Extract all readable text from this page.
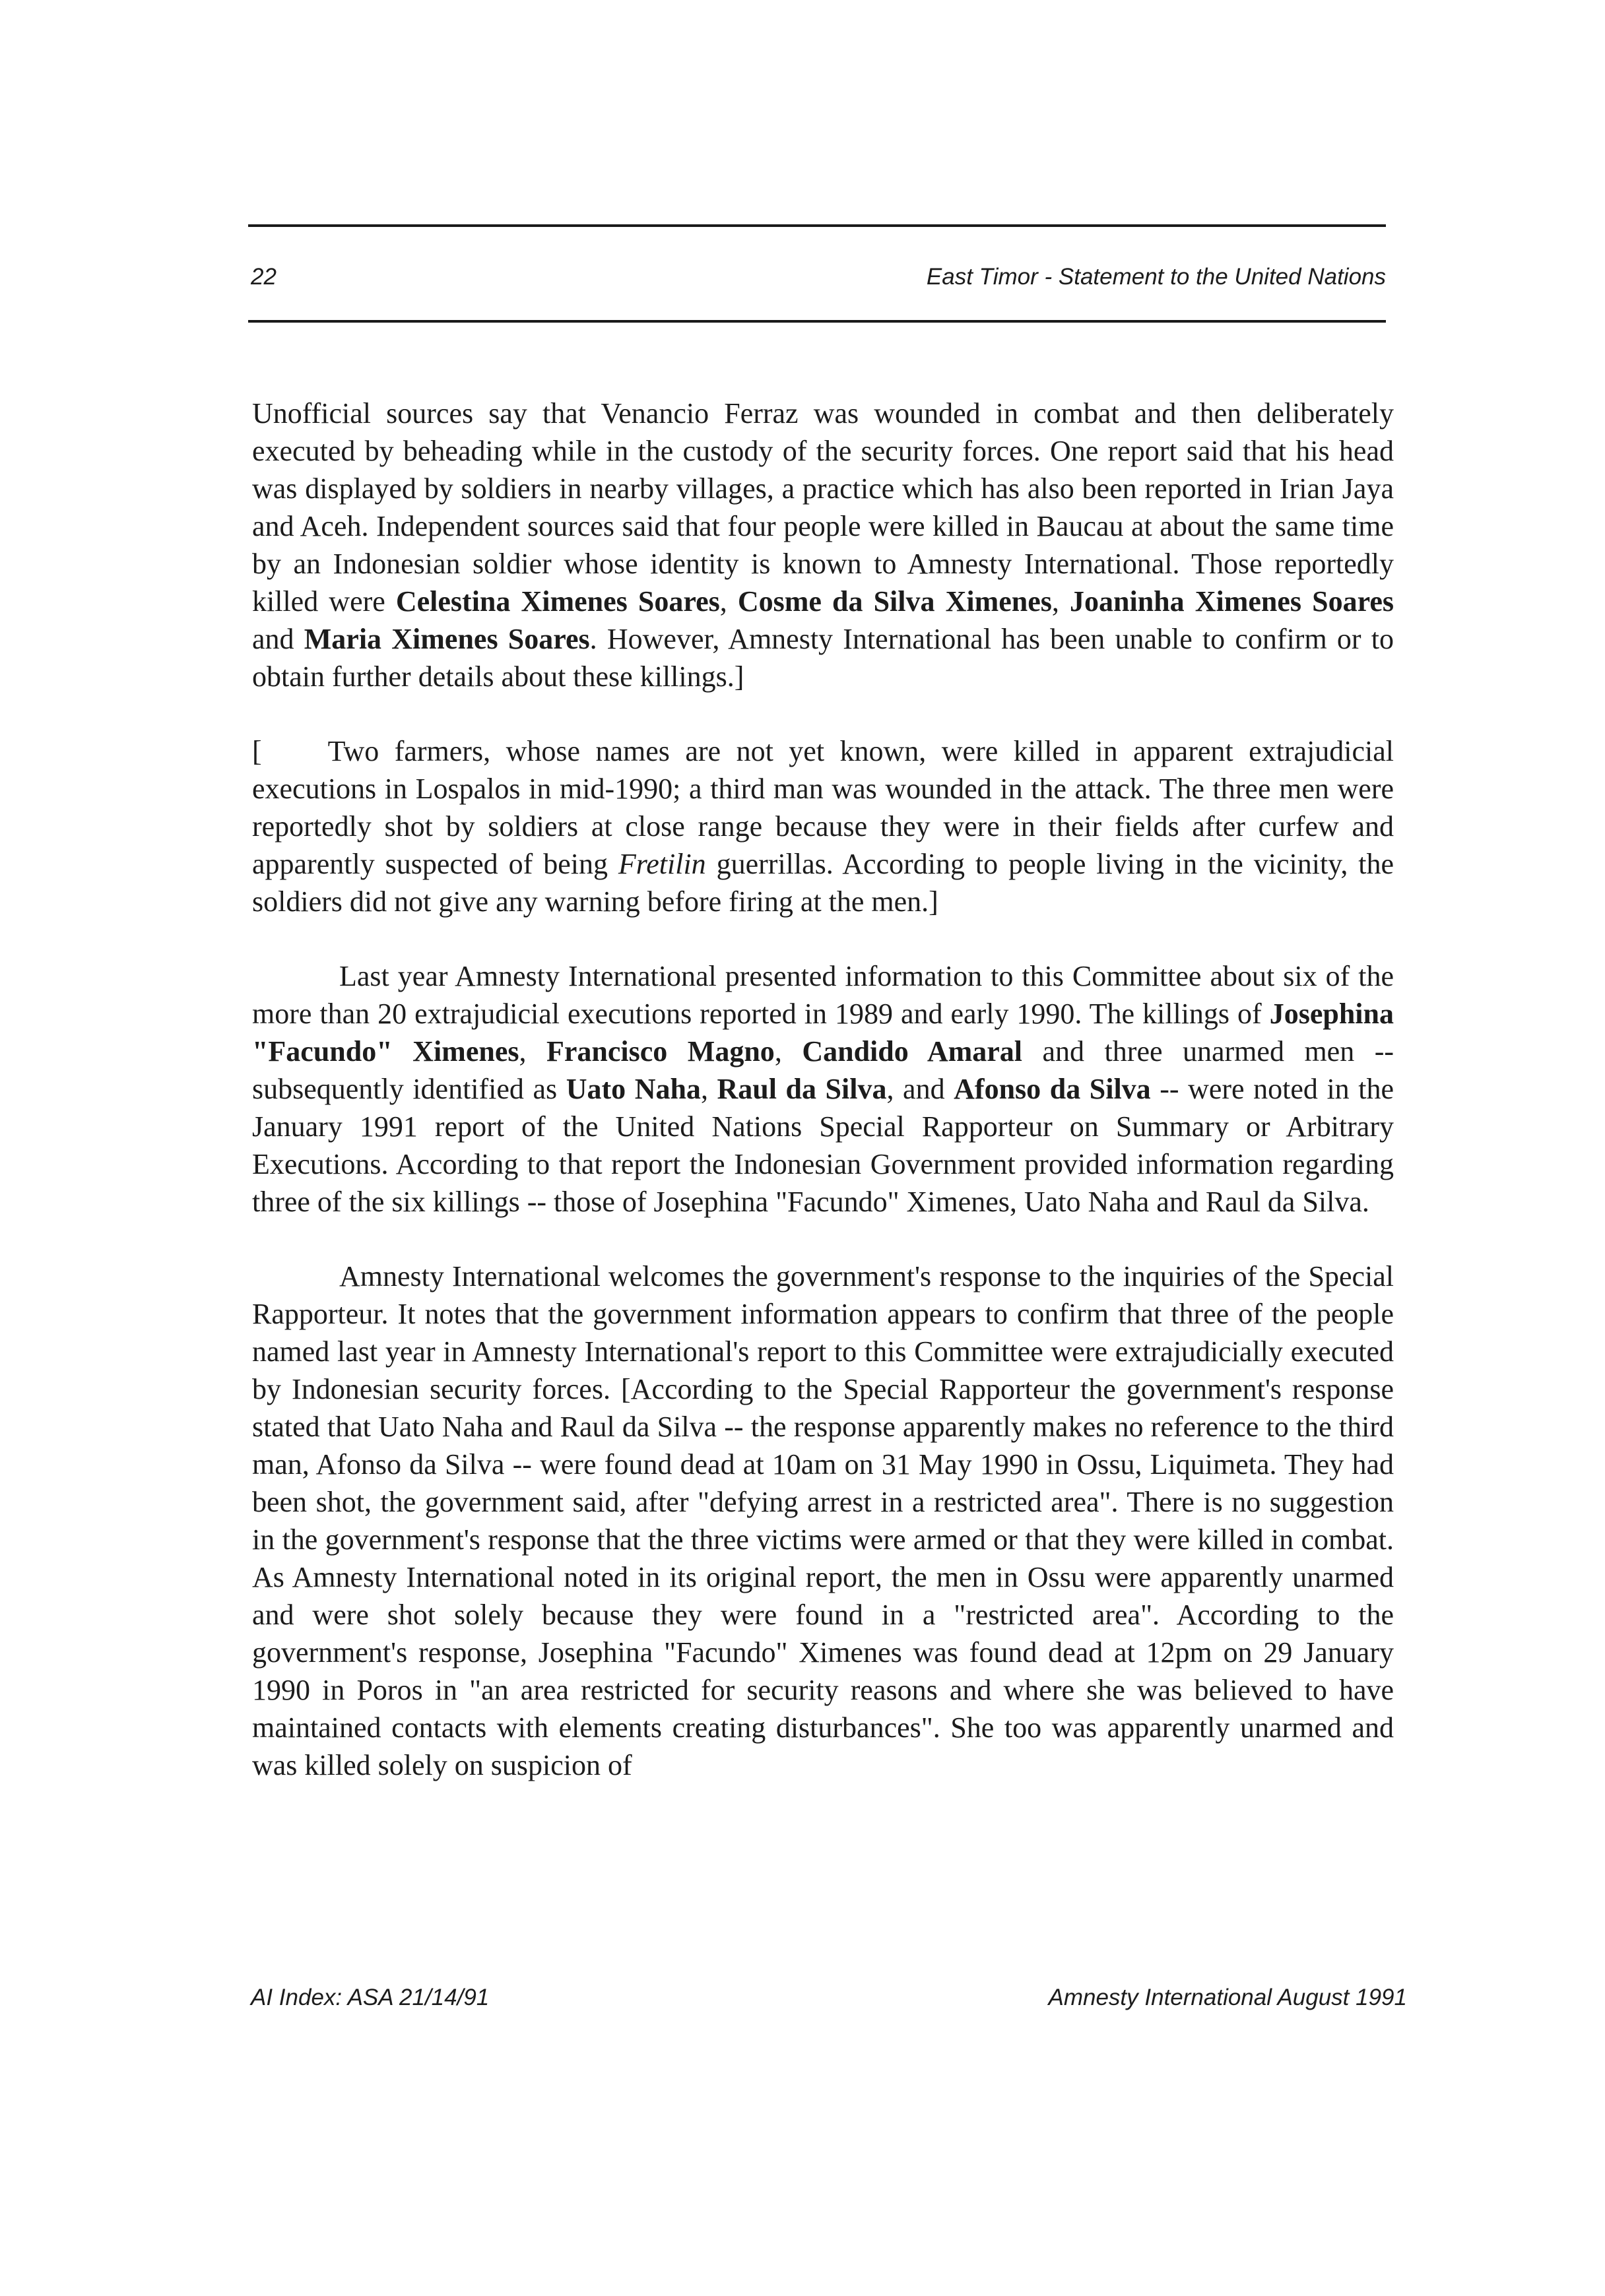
22	East Timor - Statement to the United Nations

Unofficial sources say that Venancio Ferraz was wounded in combat and then deliberately executed by beheading while in the custody of the security forces. One report said that his head was displayed by soldiers in nearby villages, a practice which has also been reported in Irian Jaya and Aceh. Independent sources said that four people were killed in Baucau at about the same time by an Indonesian soldier whose identity is known to Amnesty International. Those reportedly killed were Celestina Ximenes Soares, Cosme da Silva Ximenes, Joaninha Ximenes Soares and Maria Ximenes Soares. However, Amnesty International has been unable to confirm or to obtain further details about these killings.]

[ Two farmers, whose names are not yet known, were killed in apparent extrajudicial executions in Lospalos in mid-1990; a third man was wounded in the attack. The three men were reportedly shot by soldiers at close range because they were in their fields after curfew and apparently suspected of being Fretilin guerrillas. According to people living in the vicinity, the soldiers did not give any warning before firing at the men.]

Last year Amnesty International presented information to this Committee about six of the more than 20 extrajudicial executions reported in 1989 and early 1990. The killings of Josephina "Facundo" Ximenes, Francisco Magno, Candido Amaral and three unarmed men -- subsequently identified as Uato Naha, Raul da Silva, and Afonso da Silva -- were noted in the January 1991 report of the United Nations Special Rapporteur on Summary or Arbitrary Executions. According to that report the Indonesian Government provided information regarding three of the six killings -- those of Josephina "Facundo" Ximenes, Uato Naha and Raul da Silva.

Amnesty International welcomes the government's response to the inquiries of the Special Rapporteur. It notes that the government information appears to confirm that three of the people named last year in Amnesty International's report to this Committee were extrajudicially executed by Indonesian security forces. [According to the Special Rapporteur the government's response stated that Uato Naha and Raul da Silva -- the response apparently makes no reference to the third man, Afonso da Silva -- were found dead at 10am on 31 May 1990 in Ossu, Liquimeta. They had been shot, the government said, after "defying arrest in a restricted area". There is no suggestion in the government's response that the three victims were armed or that they were killed in combat. As Amnesty International noted in its original report, the men in Ossu were apparently unarmed and were shot solely because they were found in a "restricted area". According to the government's response, Josephina "Facundo" Ximenes was found dead at 12pm on 29 January 1990 in Poros in "an area restricted for security reasons and where she was believed to have maintained contacts with elements creating disturbances". She too was apparently unarmed and was killed solely on suspicion of

AI Index: ASA 21/14/91	Amnesty International August 1991
